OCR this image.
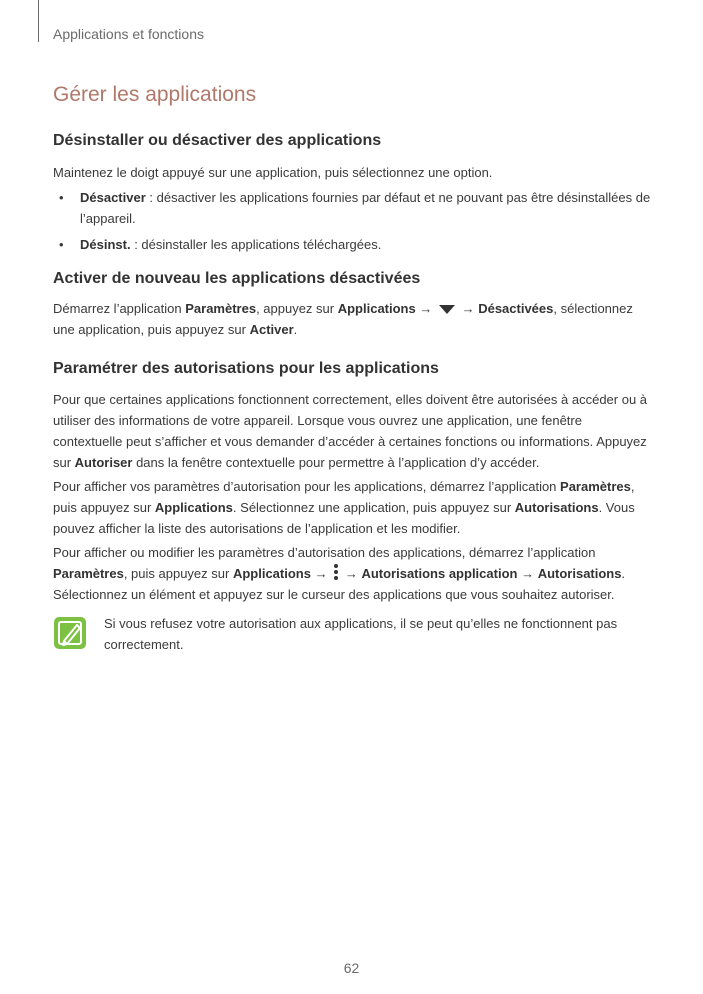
Applications et fonctions
Gérer les applications
Désinstaller ou désactiver des applications

Maintenez le doigt appuyé sur une application, puis sélectionnez une option.

• Désactiver : désactiver les applications fournies par défaut et ne pouvant pas être désinstallées de l’appareil.
• Désinst. : désinstaller les applications téléchargées.
Activer de nouveau les applications désactivées

Démarrez l’application Paramètres, appuyez sur Applications →  → Désactivées, sélectionnez une application, puis appuyez sur Activer.

Paramétrer des autorisations pour les applications

Pour que certaines applications fonctionnent correctement, elles doivent être autorisées à accéder ou à utiliser des informations de votre appareil. Lorsque vous ouvrez une application, une fenêtre contextuelle peut s’afficher et vous demander d’accéder à certaines fonctions ou informations. Appuyez sur Autoriser dans la fenêtre contextuelle pour permettre à l’application d’y accéder.

Pour afficher vos paramètres d’autorisation pour les applications, démarrez l’application Paramètres, puis appuyez sur Applications. Sélectionnez une application, puis appuyez sur Autorisations. Vous pouvez afficher la liste des autorisations de l’application et les modifier.

Pour afficher ou modifier les paramètres d’autorisation des applications, démarrez l’application Paramètres, puis appuyez sur Applications →
→ Autorisations application → Autorisations. Sélectionnez un élément et appuyez sur le curseur des applications que vous souhaitez autoriser.

Si vous refusez votre autorisation aux applications, il se peut qu’elles ne fonctionnent pas correctement.

62
